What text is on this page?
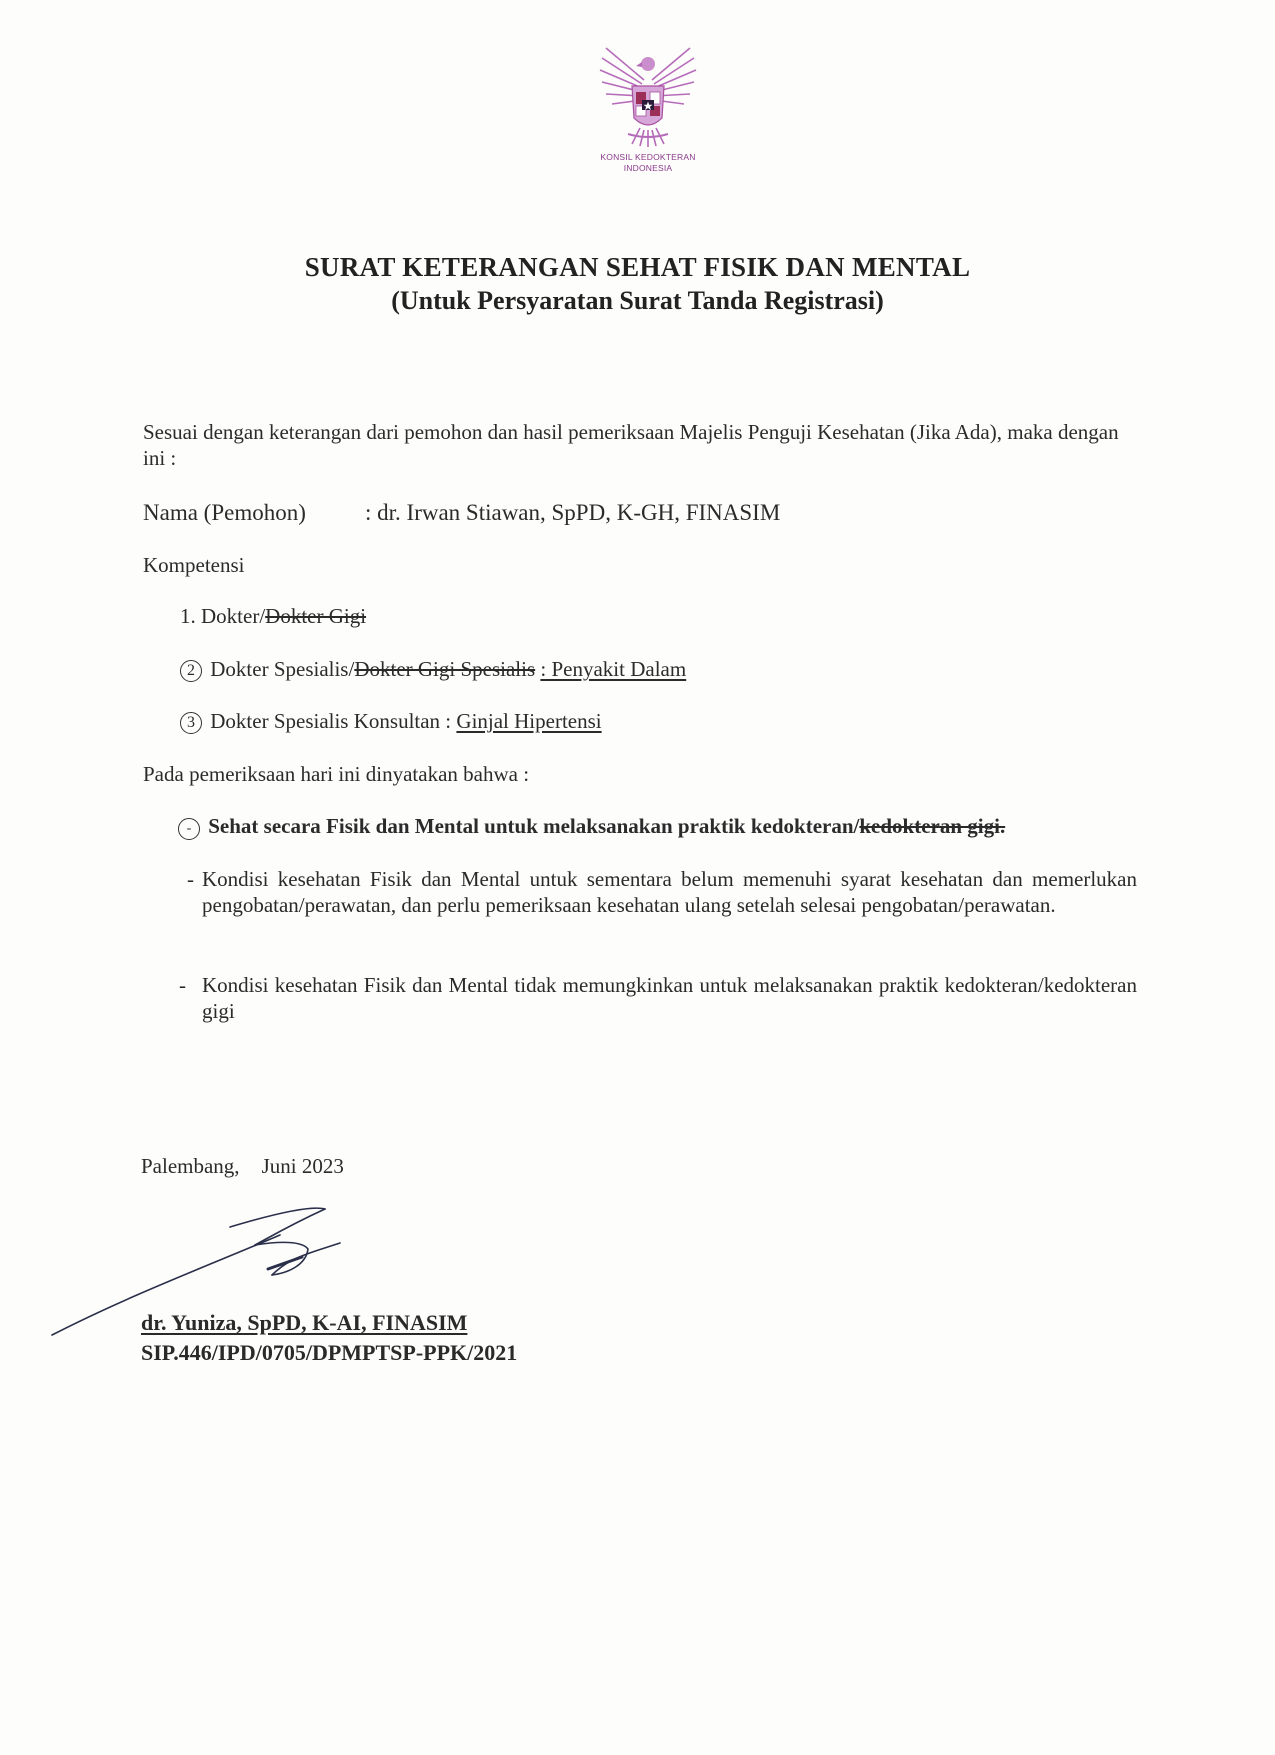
KONSIL KEDOKTERAN
INDONESIA
SURAT KETERANGAN SEHAT FISIK DAN MENTAL
(Untuk Persyaratan Surat Tanda Registrasi)
Sesuai dengan keterangan dari pemohon dan hasil pemeriksaan Majelis Penguji Kesehatan (Jika Ada), maka dengan ini :
Nama (Pemohon)	: dr. Irwan Stiawan, SpPD, K-GH, FINASIM
Kompetensi
1. Dokter/Dokter Gigi
2 Dokter Spesialis/Dokter Gigi Spesialis : Penyakit Dalam
3 Dokter Spesialis Konsultan : Ginjal Hipertensi
Pada pemeriksaan hari ini dinyatakan bahwa :
- Sehat secara Fisik dan Mental untuk melaksanakan praktik kedokteran/kedokteran gigi.
- Kondisi kesehatan Fisik dan Mental untuk sementara belum memenuhi syarat kesehatan dan memerlukan pengobatan/perawatan, dan perlu pemeriksaan kesehatan ulang setelah selesai pengobatan/perawatan.
- Kondisi kesehatan Fisik dan Mental tidak memungkinkan untuk melaksanakan praktik kedokteran/kedokteran gigi
Palembang, Juni 2023
dr. Yuniza, SpPD, K-AI, FINASIM
SIP.446/IPD/0705/DPMPTSP-PPK/2021
